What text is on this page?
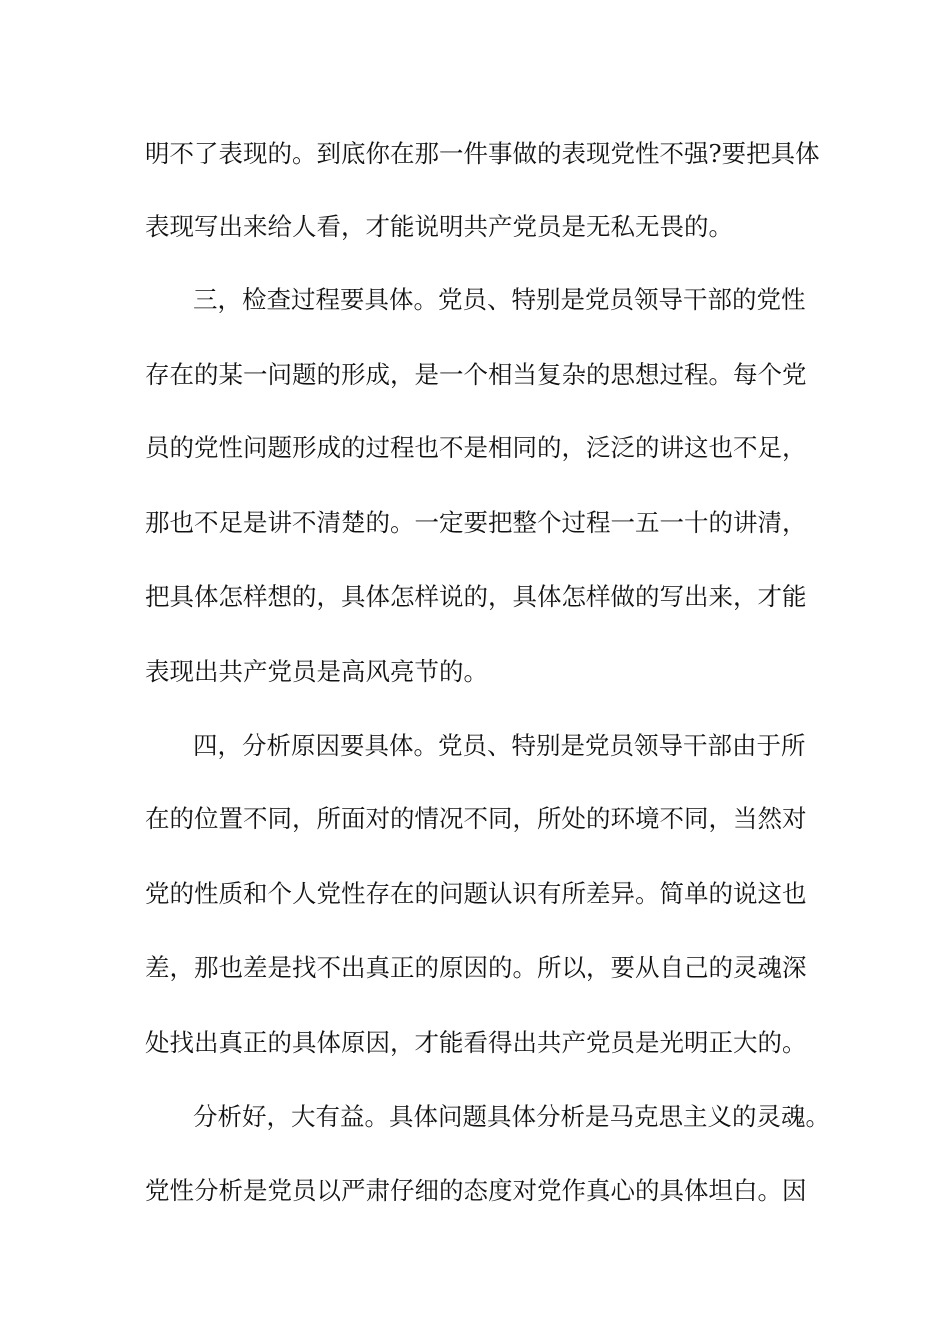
明不了表现的。到底你在那一件事做的表现党性不强?要把具体
表现写出来给人看，才能说明共产党员是无私无畏的。
三，检查过程要具体。党员、特别是党员领导干部的党性
存在的某一问题的形成，是一个相当复杂的思想过程。每个党
员的党性问题形成的过程也不是相同的，泛泛的讲这也不足，
那也不足是讲不清楚的。一定要把整个过程一五一十的讲清，
把具体怎样想的，具体怎样说的，具体怎样做的写出来，才能
表现出共产党员是高风亮节的。
四，分析原因要具体。党员、特别是党员领导干部由于所
在的位置不同，所面对的情况不同，所处的环境不同，当然对
党的性质和个人党性存在的问题认识有所差异。简单的说这也
差，那也差是找不出真正的原因的。所以，要从自己的灵魂深
处找出真正的具体原因，才能看得出共产党员是光明正大的。
分析好，大有益。具体问题具体分析是马克思主义的灵魂。
党性分析是党员以严肃仔细的态度对党作真心的具体坦白。因
